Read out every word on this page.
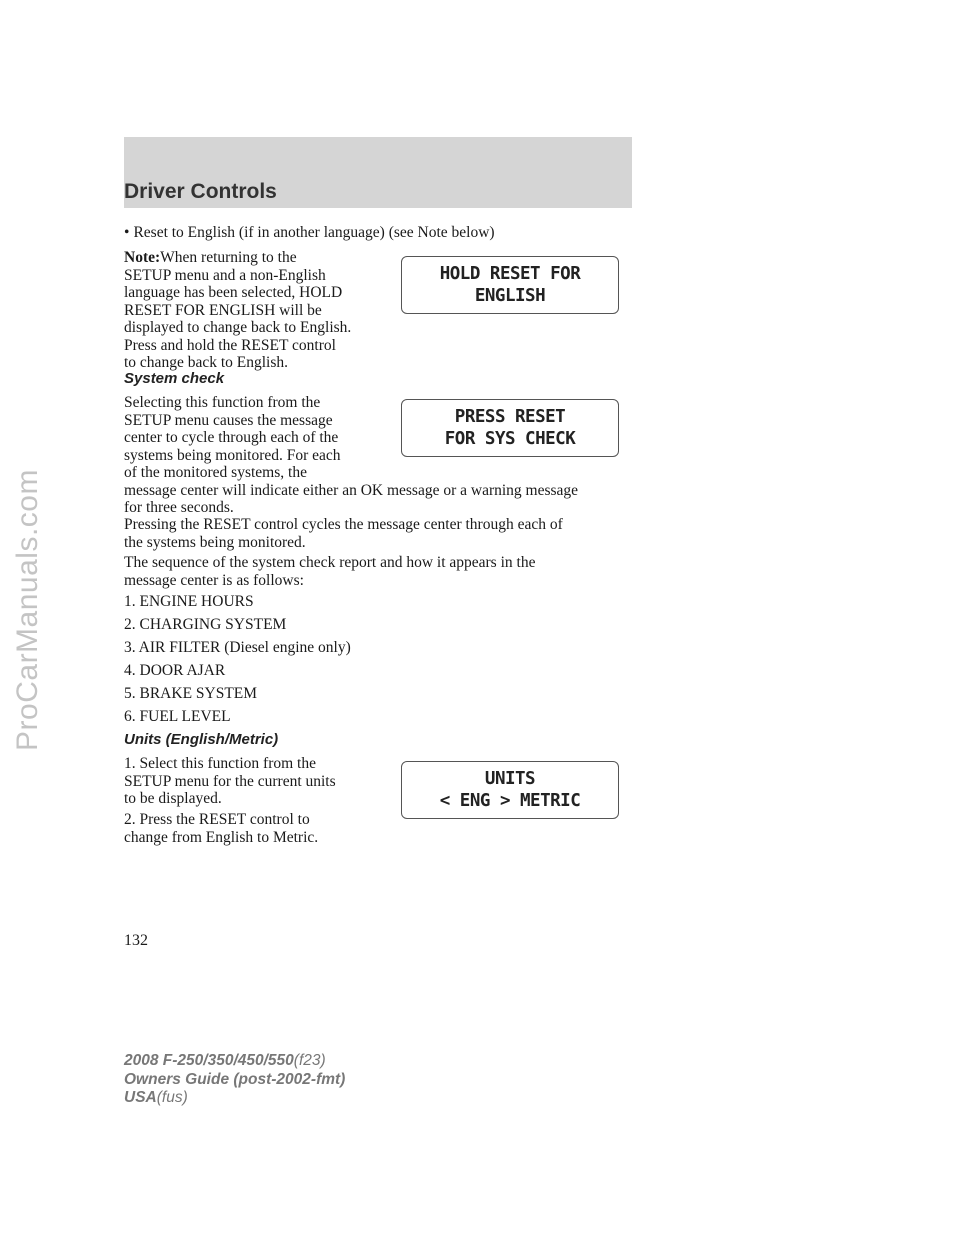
ProCarManuals.com
Driver Controls

• Reset to English (if in another language) (see Note below)

Note:When returning to the
SETUP menu and a non-English
language has been selected, HOLD
RESET FOR ENGLISH will be
displayed to change back to English.
Press and hold the RESET control
to change back to English.

HOLD RESET FOR
ENGLISH

System check

Selecting this function from the
SETUP menu causes the message
center to cycle through each of the
systems being monitored. For each
of the monitored systems, the
message center will indicate either an OK message or a warning message
for three seconds.

PRESS RESET
FOR SYS CHECK

Pressing the RESET control cycles the message center through each of
the systems being monitored.

The sequence of the system check report and how it appears in the
message center is as follows:

1. ENGINE HOURS

2. CHARGING SYSTEM

3. AIR FILTER (Diesel engine only)

4. DOOR AJAR

5. BRAKE SYSTEM

6. FUEL LEVEL

Units (English/Metric)

1. Select this function from the
SETUP menu for the current units
to be displayed.

2. Press the RESET control to
change from English to Metric.

UNITS
< ENG > METRIC

132

2008 F-250/350/450/550(f23)
Owners Guide (post-2002-fmt)
USA(fus)
